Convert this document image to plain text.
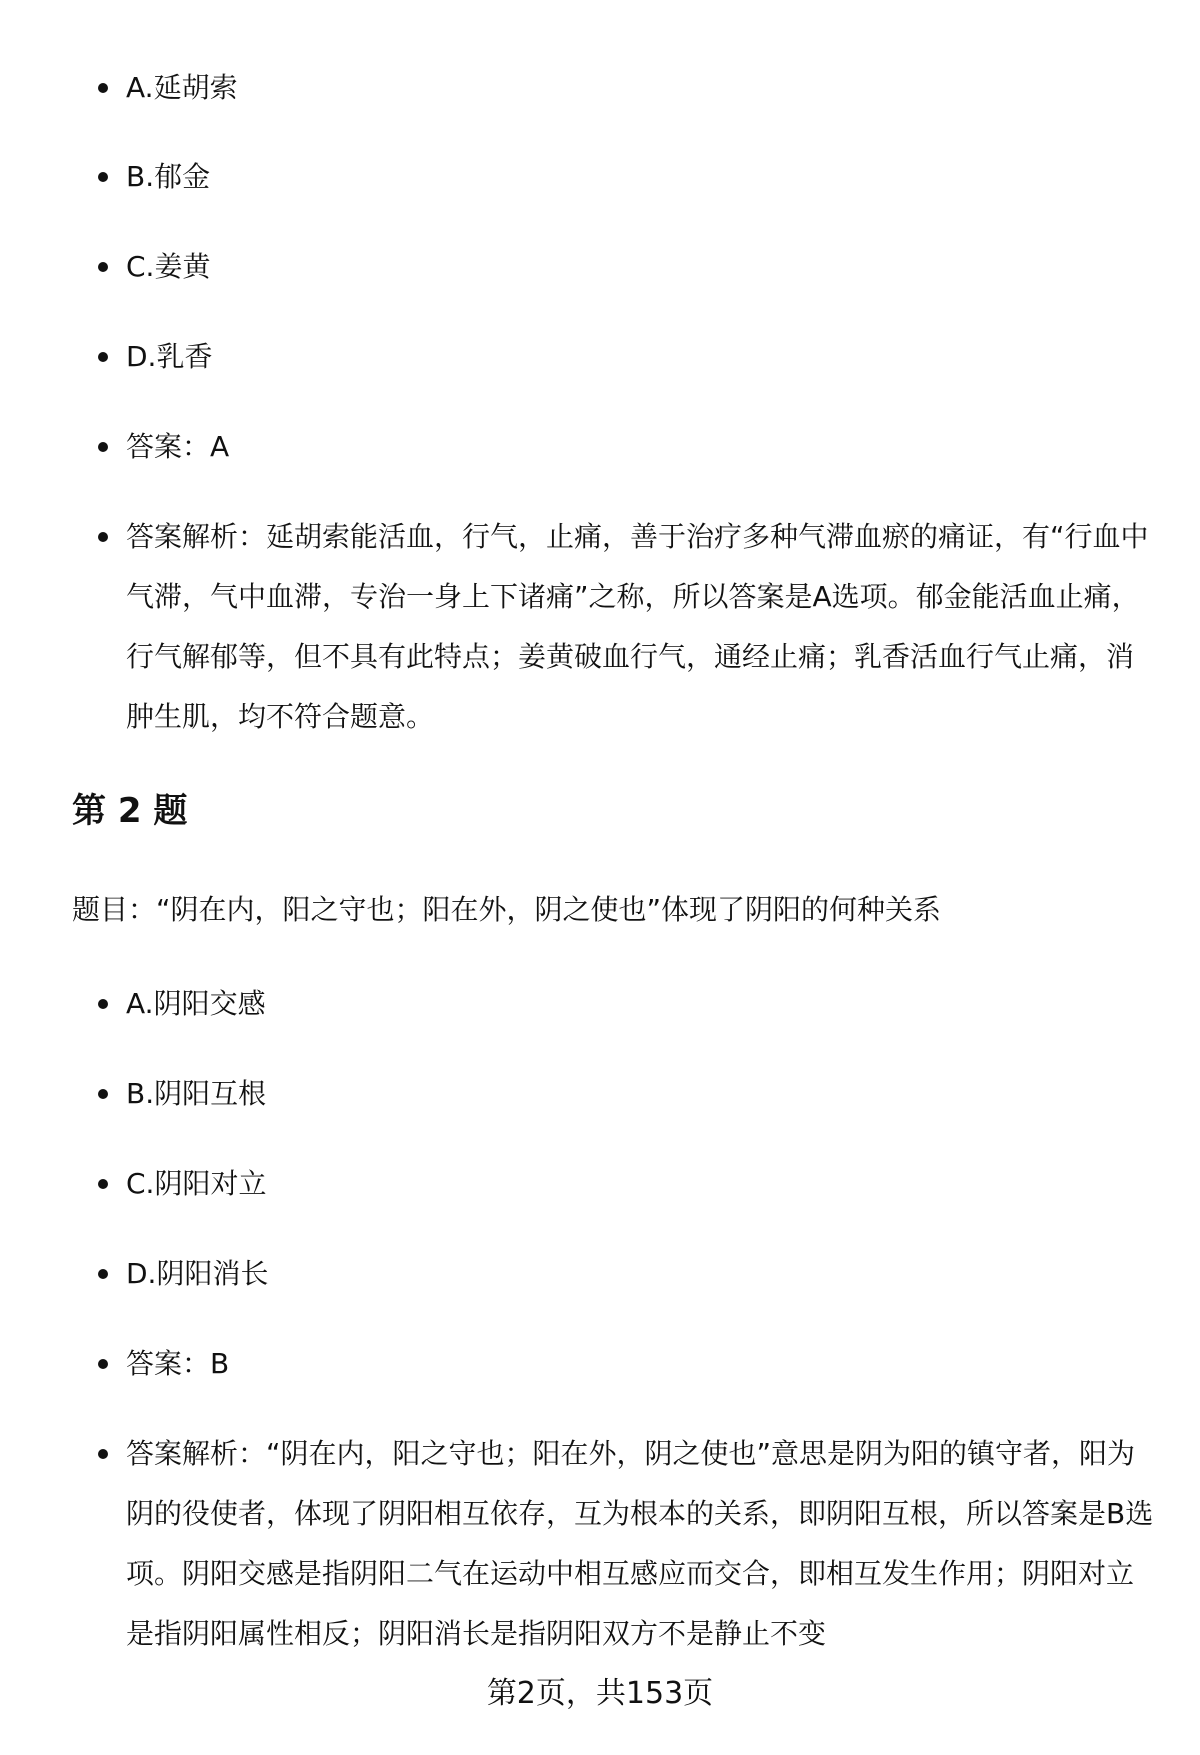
A.延胡索
B.郁金
C.姜黄
D.乳香
答案：A
答案解析：延胡索能活血，行气，止痛，善于治疗多种气滞血瘀的痛证，有“行血中气滞，气中血滞，专治一身上下诸痛”之称，所以答案是A选项。郁金能活血止痛，行气解郁等，但不具有此特点；姜黄破血行气，通经止痛；乳香活血行气止痛，消肿生肌，均不符合题意。
第 2 题

题目：“阴在内，阳之守也；阳在外，阴之使也”体现了阴阳的何种关系

A.阴阳交感
B.阴阳互根
C.阴阳对立
D.阴阳消长
答案：B
答案解析：“阴在内，阳之守也；阳在外，阴之使也”意思是阴为阳的镇守者，阳为阴的役使者，体现了阴阳相互依存，互为根本的关系，即阴阳互根，所以答案是B选项。阴阳交感是指阴阳二气在运动中相互感应而交合，即相互发生作用；阴阳对立是指阴阳属性相反；阴阳消长是指阴阳双方不是静止不变
第2页，共153页
